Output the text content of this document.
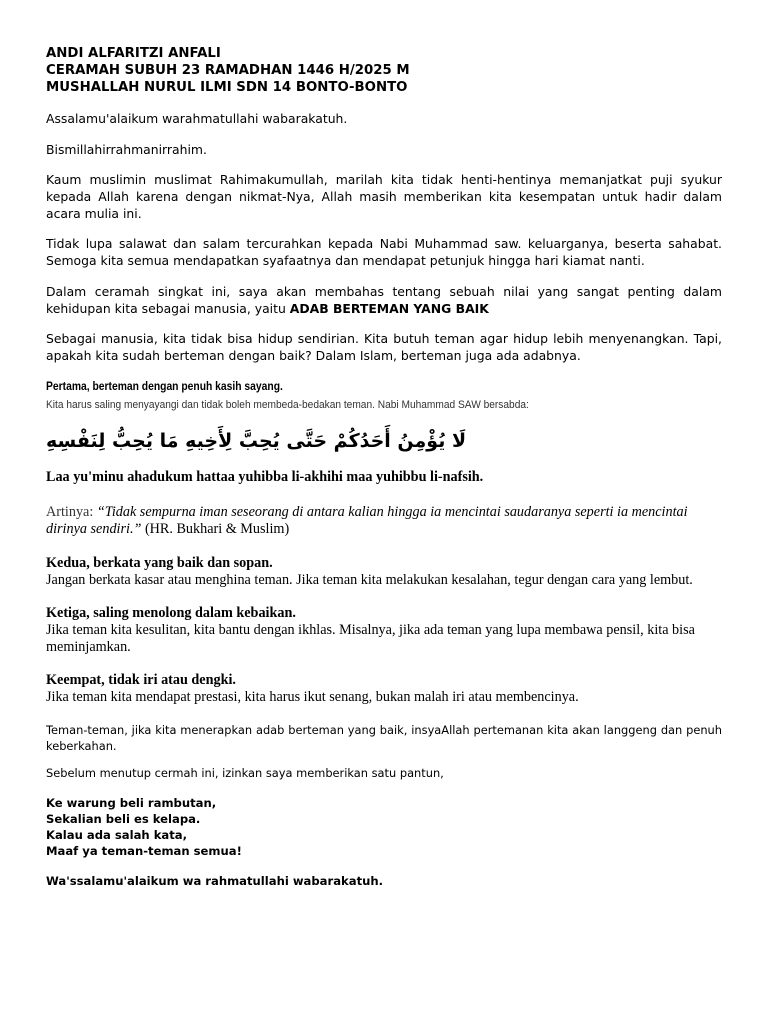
ANDI ALFARITZI ANFALI

CERAMAH SUBUH 23 RAMADHAN 1446 H/2025 M

MUSHALLAH NURUL ILMI SDN 14 BONTO-BONTO

Assalamu'alaikum warahmatullahi wabarakatuh.

Bismillahirrahmanirrahim.

Kaum muslimin muslimat Rahimakumullah, marilah kita tidak henti-hentinya memanjatkat puji syukur kepada Allah karena dengan nikmat-Nya, Allah masih memberikan kita kesempatan untuk hadir dalam acara mulia ini.

Tidak lupa salawat dan salam tercurahkan kepada Nabi Muhammad saw. keluarganya, beserta sahabat. Semoga kita semua mendapatkan syafaatnya dan mendapat petunjuk hingga hari kiamat nanti.

Dalam ceramah singkat ini, saya akan membahas tentang sebuah nilai yang sangat penting dalam kehidupan kita sebagai manusia, yaitu ADAB BERTEMAN YANG BAIK

Sebagai manusia, kita tidak bisa hidup sendirian. Kita butuh teman agar hidup lebih menyenangkan. Tapi, apakah kita sudah berteman dengan baik? Dalam Islam, berteman juga ada adabnya.

Pertama, berteman dengan penuh kasih sayang.

Kita harus saling menyayangi dan tidak boleh membeda-bedakan teman. Nabi Muhammad SAW bersabda:

لَا يُؤْمِنُ أَحَدُكُمْ حَتَّى يُحِبَّ لِأَخِيهِ مَا يُحِبُّ لِنَفْسِهِ

Laa yu'minu ahadukum hattaa yuhibba li-akhihi maa yuhibbu li-nafsih.

Artinya: “Tidak sempurna iman seseorang di antara kalian hingga ia mencintai saudaranya seperti ia mencintai dirinya sendiri.” (HR. Bukhari & Muslim)

Kedua, berkata yang baik dan sopan.

Jangan berkata kasar atau menghina teman. Jika teman kita melakukan kesalahan, tegur dengan cara yang lembut.

Ketiga, saling menolong dalam kebaikan.

Jika teman kita kesulitan, kita bantu dengan ikhlas. Misalnya, jika ada teman yang lupa membawa pensil, kita bisa meminjamkan.

Keempat, tidak iri atau dengki.

Jika teman kita mendapat prestasi, kita harus ikut senang, bukan malah iri atau membencinya.

Teman-teman, jika kita menerapkan adab berteman yang baik, insyaAllah pertemanan kita akan langgeng dan penuh keberkahan.

Sebelum menutup cermah ini, izinkan saya memberikan satu pantun,

Ke warung beli rambutan,

Sekalian beli es kelapa.

Kalau ada salah kata,

Maaf ya teman-teman semua!

Wa'ssalamu'alaikum wa rahmatullahi wabarakatuh.
